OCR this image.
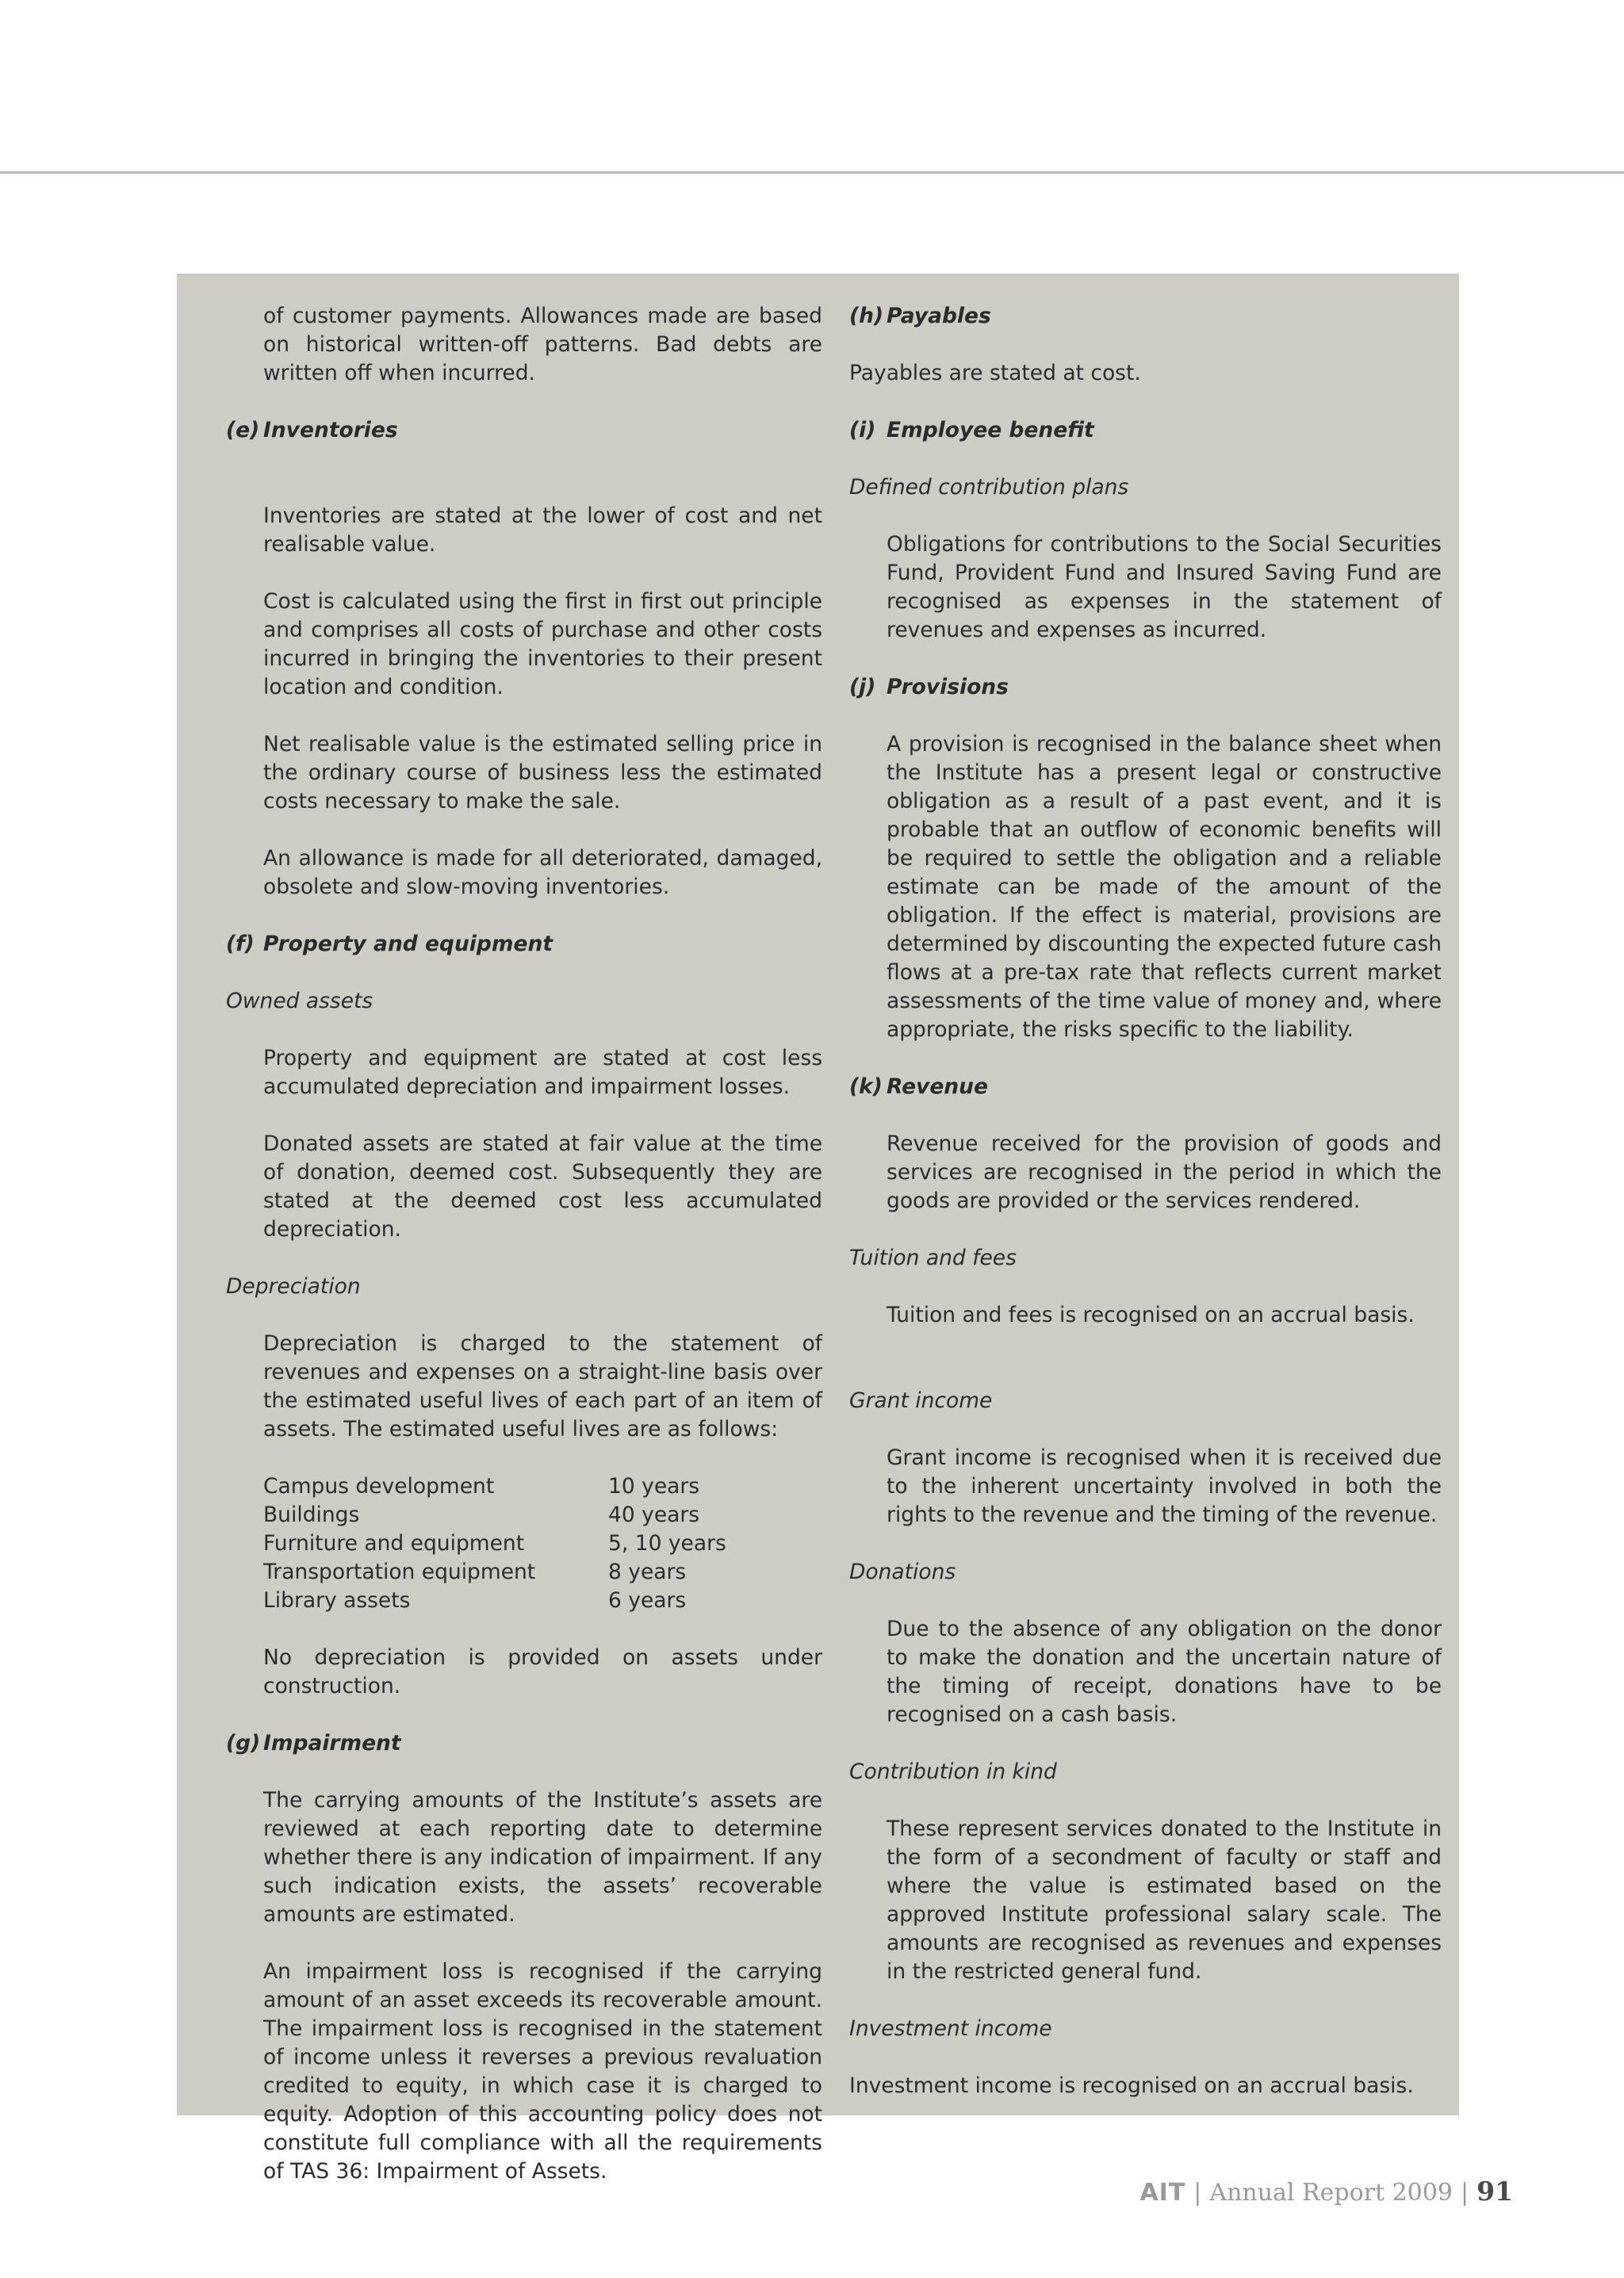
of customer payments. Allowances made are based on historical written-off patterns. Bad debts are written off when incurred.

(e) Inventories

Inventories are stated at the lower of cost and net realisable value.

Cost is calculated using the first in first out principle and comprises all costs of purchase and other costs incurred in bringing the inventories to their present location and condition.

Net realisable value is the estimated selling price in the ordinary course of business less the estimated costs necessary to make the sale.

An allowance is made for all deteriorated, damaged, obsolete and slow-moving inventories.

(f) Property and equipment
Owned assets

Property and equipment are stated at cost less accumulated depreciation and impairment losses.

Donated assets are stated at fair value at the time of donation, deemed cost. Subsequently they are stated at the deemed cost less accumulated depreciation.

Depreciation

Depreciation is charged to the statement of revenues and expenses on a straight-line basis over the estimated useful lives of each part of an item of assets. The estimated useful lives are as follows:

Campus development	10 years
Buildings	40 years
Furniture and equipment	5, 10 years
Transportation equipment	8 years
Library assets	6 years

No depreciation is provided on assets under construction.

(g) Impairment

The carrying amounts of the Institute’s assets are reviewed at each reporting date to determine whether there is any indication of impairment. If any such indication exists, the assets’ recoverable amounts are estimated.

An impairment loss is recognised if the carrying amount of an asset exceeds its recoverable amount. The impairment loss is recognised in the statement of income unless it reverses a previous revaluation credited to equity, in which case it is charged to equity. Adoption of this accounting policy does not constitute full compliance with all the requirements of TAS 36: Impairment of Assets.

(h) Payables

Payables are stated at cost.

(i) Employee benefit
Defined contribution plans

Obligations for contributions to the Social Securities Fund, Provident Fund and Insured Saving Fund are recognised as expenses in the statement of revenues and expenses as incurred.

(j) Provisions

A provision is recognised in the balance sheet when the Institute has a present legal or constructive obligation as a result of a past event, and it is probable that an outflow of economic benefits will be required to settle the obligation and a reliable estimate can be made of the amount of the obligation. If the effect is material, provisions are determined by discounting the expected future cash flows at a pre-tax rate that reflects current market assessments of the time value of money and, where appropriate, the risks specific to the liability.

(k) Revenue

Revenue received for the provision of goods and services are recognised in the period in which the goods are provided or the services rendered.

Tuition and fees

Tuition and fees is recognised on an accrual basis.

Grant income

Grant income is recognised when it is received due to the inherent uncertainty involved in both the rights to the revenue and the timing of the revenue.

Donations

Due to the absence of any obligation on the donor to make the donation and the uncertain nature of the timing of receipt, donations have to be recognised on a cash basis.

Contribution in kind

These represent services donated to the Institute in the form of a secondment of faculty or staff and where the value is estimated based on the approved Institute professional salary scale. The amounts are recognised as revenues and expenses in the restricted general fund.

Investment income

Investment income is recognised on an accrual basis.

AIT | Annual Report 2009 | 91
